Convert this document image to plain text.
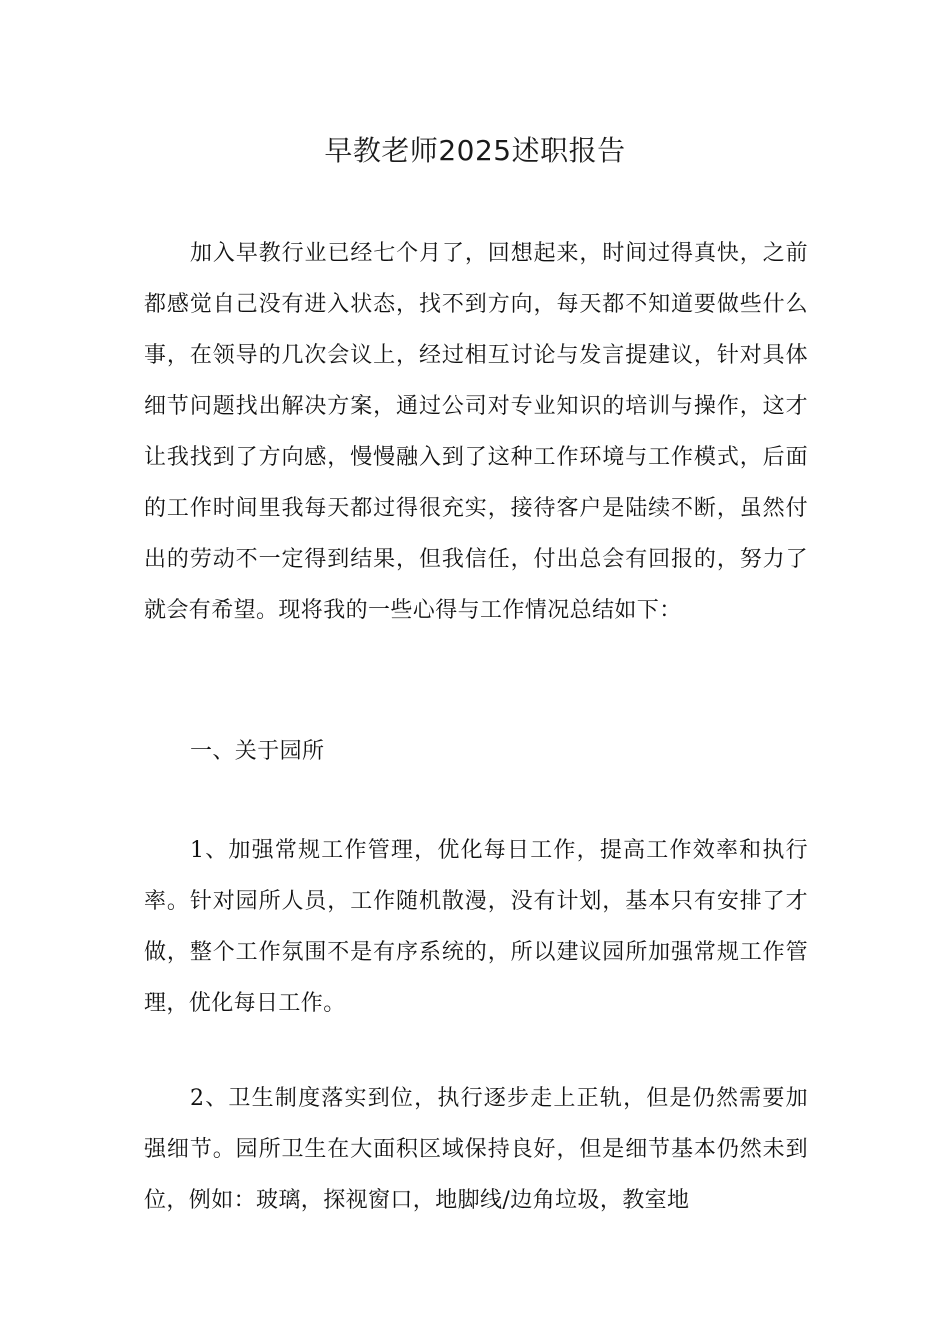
早教老师2025述职报告

加入早教行业已经七个月了，回想起来，时间过得真快，之前都感觉自己没有进入状态，找不到方向，每天都不知道要做些什么事，在领导的几次会议上，经过相互讨论与发言提建议，针对具体细节问题找出解决方案，通过公司对专业知识的培训与操作，这才让我找到了方向感，慢慢融入到了这种工作环境与工作模式，后面的工作时间里我每天都过得很充实，接待客户是陆续不断，虽然付出的劳动不一定得到结果，但我信任，付出总会有回报的，努力了就会有希望。现将我的一些心得与工作情况总结如下：

一、关于园所

1、加强常规工作管理，优化每日工作，提高工作效率和执行率。针对园所人员，工作随机散漫，没有计划，基本只有安排了才做，整个工作氛围不是有序系统的，所以建议园所加强常规工作管理，优化每日工作。

2、卫生制度落实到位，执行逐步走上正轨，但是仍然需要加强细节。园所卫生在大面积区域保持良好，但是细节基本仍然未到位，例如：玻璃，探视窗口，地脚线/边角垃圾，教室地
